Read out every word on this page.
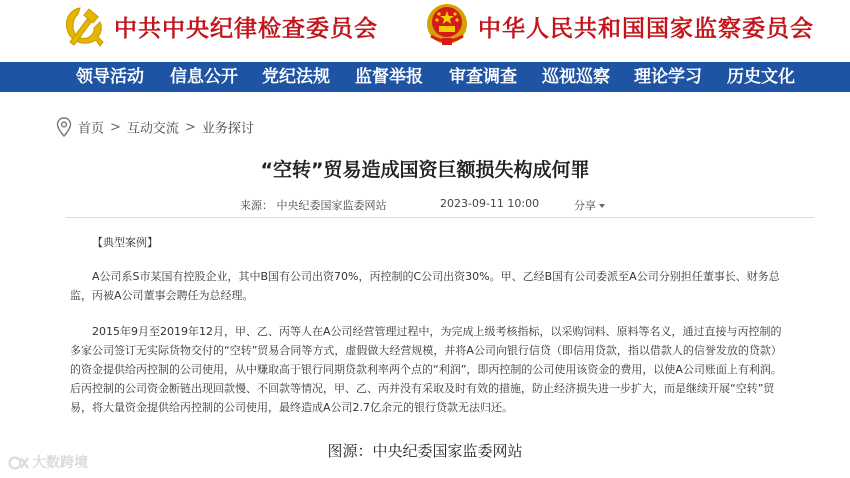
中共中央纪律检查委员会	中华人民共和国国家监察委员会
领导活动 信息公开 党纪法规 监督举报 审查调查 巡视巡察 理论学习 历史文化
首页 > 互动交流 > 业务探讨
“空转”贸易造成国资巨额损失构成何罪
来源： 中央纪委国家监委网站	2023-09-11 10:00	分享
【典型案例】
A公司系S市某国有控股企业，其中B国有公司出资70%，丙控制的C公司出资30%。甲、乙经B国有公司委派至A公司分别担任董事长、财务总监，丙被A公司董事会聘任为总经理。
2015年9月至2019年12月，甲、乙、丙等人在A公司经营管理过程中，为完成上级考核指标，以采购饲料、原料等名义，通过直接与丙控制的多家公司签订无实际货物交付的“空转”贸易合同等方式，虚假做大经营规模，并将A公司向银行信贷（即信用贷款，指以借款人的信誉发放的贷款）的资金提供给丙控制的公司使用，从中赚取高于银行同期贷款利率两个点的“利润”，即丙控制的公司使用该资金的费用，以使A公司账面上有利润。后丙控制的公司资金断链出现回款慢、不回款等情况，甲、乙、丙并没有采取及时有效的措施，防止经济损失进一步扩大，而是继续开展“空转”贸易，将大量资金提供给丙控制的公司使用，最终造成A公司2.7亿余元的银行贷款无法归还。
图源：中央纪委国家监委网站
大数跨境
